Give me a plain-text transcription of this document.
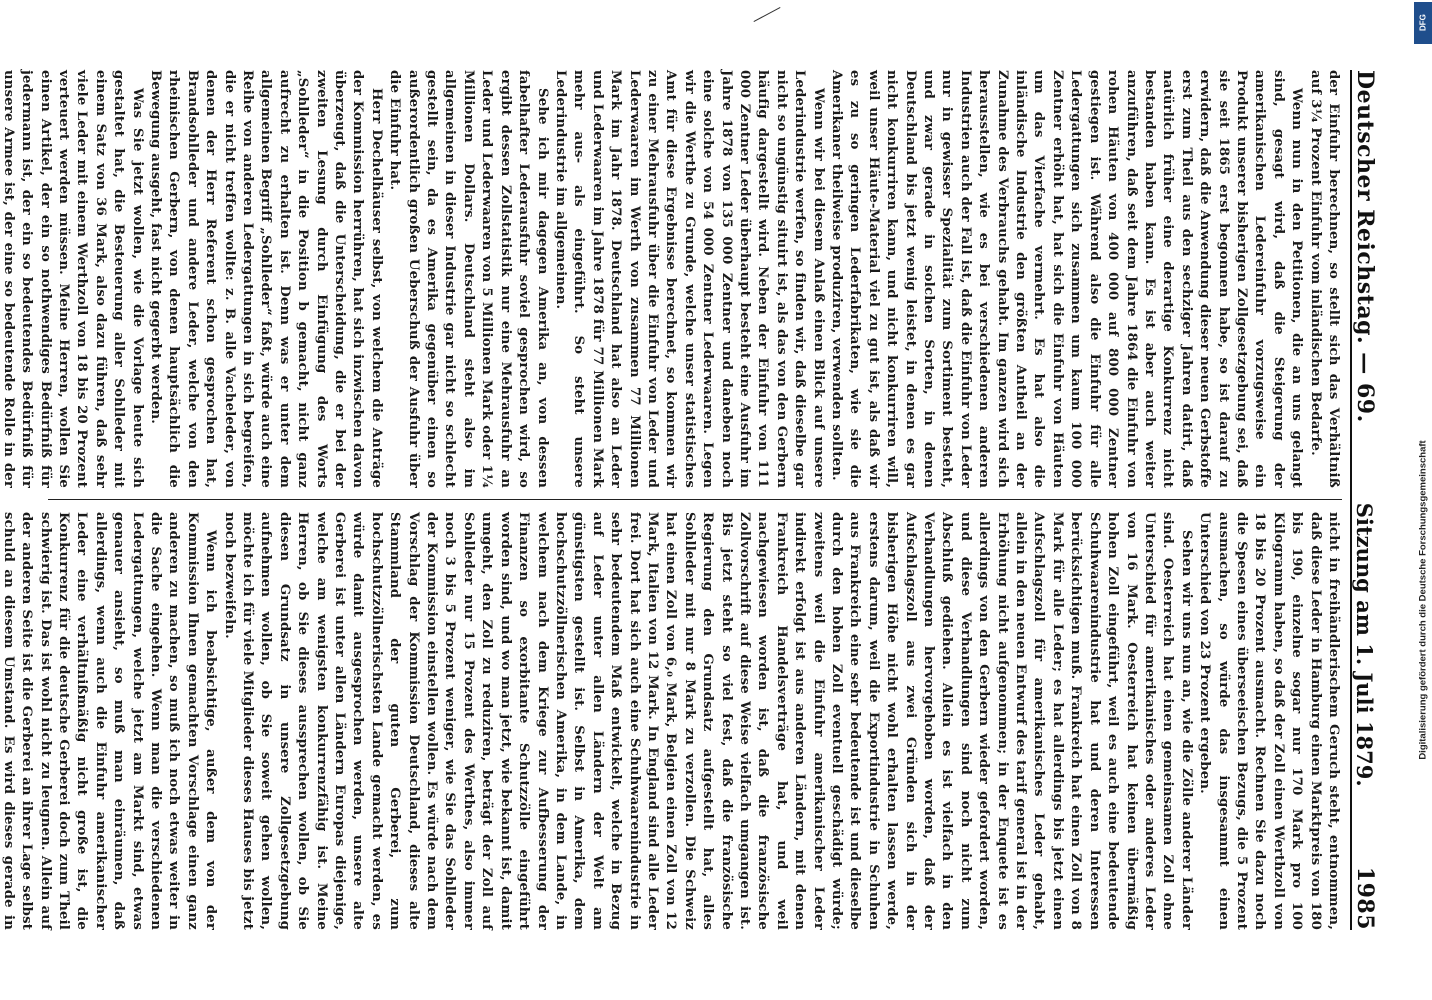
Deutscher Reichstag. — 69.
Sitzung am 1. Juli 1879.
1985

der Einfuhr berechnen, so stellt sich das Verhältniß auf 3¼ Prozent Einfuhr vom inländischen Bedarfe.

Wenn nun in den Petitionen, die an uns gelangt sind, gesagt wird, daß die Steigerung der amerikanischen Ledereinfuhr vorzugsweise ein Produkt unserer bisherigen Zollgesetzgebung sei, daß sie seit 1865 erst begonnen habe, so ist darauf zu erwidern, daß die Anwendung dieser neuen Gerbstoffe erst zum Theil aus den sechziger Jahren datirt, daß natürlich früher eine derartige Konkurrenz nicht bestanden haben kann. Es ist aber auch weiter anzuführen, daß seit dem Jahre 1864 die Einfuhr von rohen Häuten von 400 000 auf 800 000 Zentner gestiegen ist. Während also die Einfuhr für alle Ledergattungen sich zusammen um kaum 100 000 Zentner erhöht hat, hat sich die Einfuhr von Häuten um das Vierfache vermehrt. Es hat also die inländische Industrie den größten Antheil an der Zunahme des Verbrauchs gehabt. Im ganzen wird sich herausstellen, wie es bei verschiedenen anderen Industrien auch der Fall ist, daß die Einfuhr von Leder nur in gewisser Spezialität zum Sortiment besteht, und zwar gerade in solchen Sorten, in denen Deutschland bis jetzt wenig leistet, in denen es gar nicht konkurriren kann, und nicht konkurriren will, weil unser Häute-Material viel zu gut ist, als daß wir es zu so geringen Lederfabrikaten, wie sie die Amerikaner theilweise produziren, verwenden sollten.

Wenn wir bei diesem Anlaß einen Blick auf unsere Lederindustrie werfen, so finden wir, daß dieselbe gar nicht so ungünstig situirt ist, als das von den Gerbern häufig dargestellt wird. Neben der Einfuhr von 111 000 Zentner Leder überhaupt besteht eine Ausfuhr im Jahre 1878 von 135 000 Zentner und daneben noch eine solche von 54 000 Zentner Lederwaaren. Legen wir die Werthe zu Grunde, welche unser statistisches Amt für diese Ergebnisse berechnet, so kommen wir zu einer Mehrausfuhr über die Einfuhr von Leder und Lederwaaren im Werth von zusammen 77 Millionen Mark im Jahr 1878. Deutschland hat also an Leder und Lederwaaren im Jahre 1878 für 77 Millionen Mark mehr aus- als eingeführt. So steht unsere Lederindustrie im allgemeinen.

Sehe ich mir dagegen Amerika an, von dessen fabelhafter Lederausfuhr soviel gesprochen wird, so ergibt dessen Zollstatistik nur eine Mehrausfuhr an Leder und Lederwaaren von 5 Millionen Mark oder 1¼ Millionen Dollars. Deutschland steht also im allgemeinen in dieser Industrie gar nicht so schlecht gestellt sein, da es Amerika gegenüber einen so außerordentlich großen Ueberschuß der Ausfuhr über die Einfuhr hat.

Herr Dechelhäuser selbst, von welchem die Anträge der Kommission herrühren, hat sich inzwischen davon überzeugt, daß die Unterscheidung, die er bei der zweiten Lesung durch Einfügung des Worts „Sohlleder“ in die Position b gemacht, nicht ganz aufrecht zu erhalten ist. Denn was er unter dem allgemeinen Begriff „Sohlleder“ faßt, würde auch eine Reihe von anderen Ledergattungen in sich begreifen, die er nicht treffen wollte: z. B. alle Vacheleder, von denen der Herr Referent schon gesprochen hat, Brandsohlleder und andere Leder, welche von den rheinischen Gerbern, von denen hauptsächlich die Bewegung ausgeht, fast nicht gegerbt werden.

Was Sie jetzt wollen, wie die Vorlage heute sich gestaltet hat, die Besteuerung aller Sohlleder mit einem Satz von 36 Mark, also dazu führen, daß sehr viele Leder mit einem Werthzoll von 18 bis 20 Prozent verteuert werden müssen. Meine Herren, wollen Sie einen Artikel, der ein so nothwendiges Bedürfniß für jedermann ist, der ein so bedeutendes Bedürfniß für unsere Armee ist, der eine so bedeutende Rolle in der

nicht in freihändlerischem Geruch steht, entnommen, daß diese Leder in Hamburg einen Marktpreis von 180 bis 190, einzelne sogar nur 170 Mark pro 100 Kilogramm haben, so daß der Zoll einen Werthzoll von 18 bis 20 Prozent ausmacht. Rechnen Sie dazu noch die Spesen eines überseeischen Bezugs, die 5 Prozent ausmachen, so würde das insgesammt einen Unterschied von 23 Prozent ergeben.

Sehen wir uns nun an, wie die Zölle anderer Länder sind. Oesterreich hat einen gemeinsamen Zoll ohne Unterschied für amerikanisches oder anderes Leder von 16 Mark. Oesterreich hat keinen übermäßig hohen Zoll eingeführt, weil es auch eine bedeutende Schuhwaarenindustrie hat und deren Interessen berücksichtigen muß. Frankreich hat einen Zoll von 8 Mark für alle Leder; es hat allerdings bis jetzt einen Aufschlagszoll für amerikanisches Leder gehabt, allein in den neuen Entwurf des tarif general ist in der Erhöhung nicht aufgenommen; in der Enquete ist es allerdings von den Gerbern wieder gefordert worden, und diese Verhandlungen sind noch nicht zum Abschluß gediehen. Allein es ist vielfach in den Verhandlungen hervorgehoben worden, daß der Aufschlagszoll aus zwei Gründen sich in der bisherigen Höhe nicht wohl erhalten lassen werde, erstens darum, weil die Exportindustrie in Schuhen aus Frankreich eine sehr bedeutende ist und dieselbe durch den hohen Zoll eventuell geschädigt würde; zweitens weil die Einfuhr amerikanischer Leder indirekt erfolgt ist aus anderen Ländern, mit denen Frankreich Handelsverträge hat, und weil nachgewiesen worden ist, daß die französische Zollvorschrift auf diese Weise vielfach umgangen ist. Bis jetzt steht so viel fest, daß die französische Regierung den Grundsatz aufgestellt hat, alles Sohlleder mit nur 8 Mark zu verzollen. Die Schweiz hat einen Zoll von 6,₀ Mark, Belgien einen Zoll von 12 Mark, Italien von 12 Mark. In England sind alle Leder frei. Dort hat sich auch eine Schuhwaarenindustrie in sehr bedeutendem Maß entwickelt, welche in Bezug auf Leder unter allen Ländern der Welt am günstigsten gestellt ist. Selbst in Amerika, dem hochschutzzöllnerischen Amerika, in dem Lande, in welchem nach dem Kriege zur Aufbesserung der Finanzen so exorbitante Schutzzölle eingeführt worden sind, und wo man jetzt, wie bekannt ist, damit umgeht, den Zoll zu reduziren, beträgt der Zoll auf Sohlleder nur 15 Prozent des Werthes, also immer noch 3 bis 5 Prozent weniger, wie Sie das Sohlleder der Kommission einstellen wollen. Es würde nach dem Vorschlag der Kommission Deutschland, dieses alte Stammland der guten Gerberei, zum hochschutzzöllnerischsten Lande gemacht werden, es würde damit ausgesprochen werden, unsere alte Gerberei ist unter allen Ländern Europas diejenige, welche am wenigsten konkurrenzfähig ist. Meine Herren, ob Sie dieses aussprechen wollen, ob Sie diesen Grundsatz in unsere Zollgesetzgebung aufnehmen wollen, ob Sie soweit gehen wollen, möchte ich für viele Mitglieder dieses Hauses bis jetzt noch bezweifeln.

Wenn ich beabsichtige, außer dem von der Kommission Ihnen gemachten Vorschlage einen ganz anderen zu machen, so muß ich noch etwas weiter in die Sache eingehen. Wenn man die verschiedenen Ledergattungen, welche jetzt am Markt sind, etwas genauer ansieht, so muß man einräumen, daß allerdings, wenn auch die Einfuhr amerikanischer Leder eine verhältnißmäßig nicht große ist, die Konkurrenz für die deutsche Gerberei doch zum Theil schwierig ist. Das ist wohl nicht zu leugnen. Allein auf der anderen Seite ist die Gerberei an ihrer Lage selbst schuld an diesem Umstand. Es wird dieses gerade in

DFG
Digitalisierung gefördert durch die Deutsche Forschungsgemeinschaft
